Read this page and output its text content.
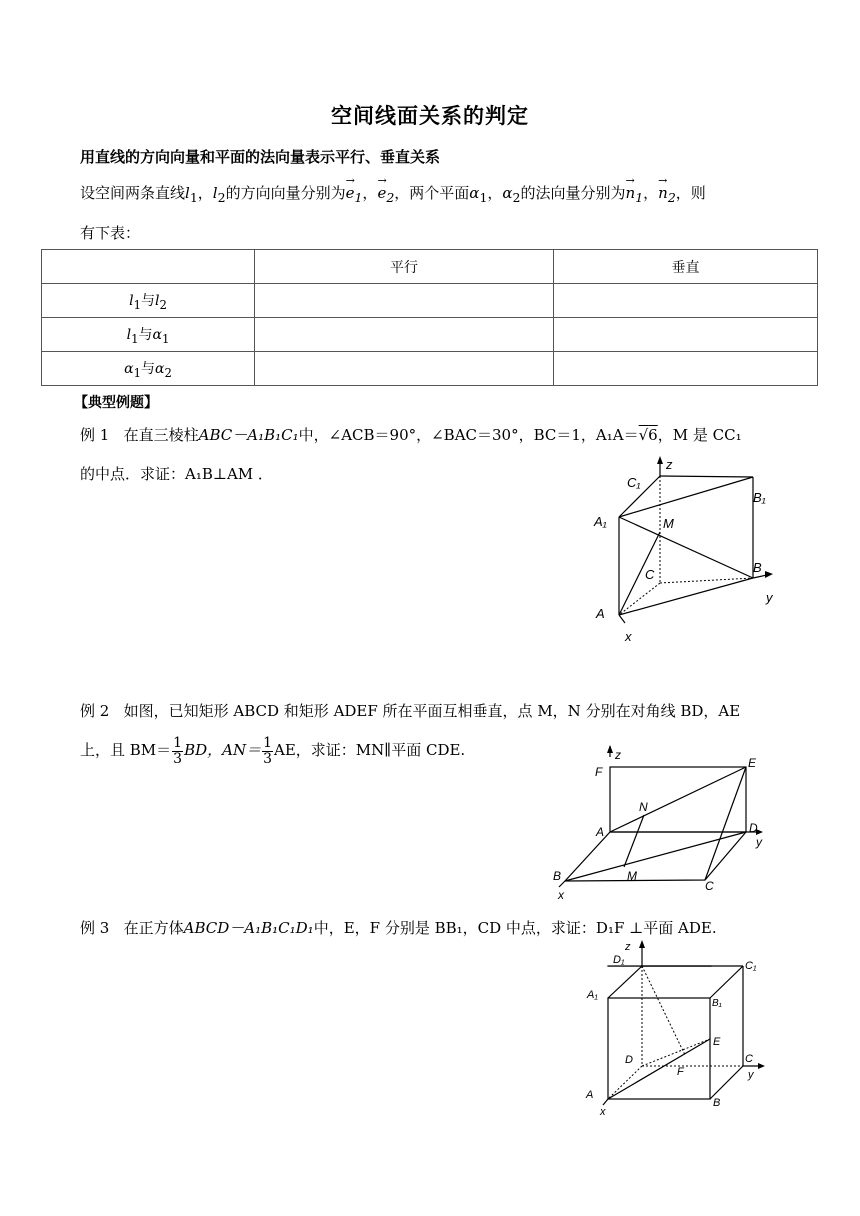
空间线面关系的判定
用直线的方向向量和平面的法向量表示平行、垂直关系
设空间两条直线$l_1$，$l_2$的方向向量分别为→ $e_1$，→ $e_2$，两个平面$\alpha_1$，$\alpha_2$的法向量分别为→ $n_1$，→ $n_2$，则
有下表：
	平行	垂直
$l_1$与$l_2$		
$l_1$与$\alpha_1$		
$\alpha_1$与$\alpha_2$		
【典型例题】
例 1 在直三棱柱ABC－A₁B₁C₁中，∠ACB＝90°，∠BAC＝30°，BC＝1，A₁A＝√6，M 是 CC₁
的中点．求证：A₁B⊥AM ．
z
C₁
B₁
A₁	M
C	B
y
A
x
例 2 如图，已知矩形 ABCD 和矩形 ADEF 所在平面互相垂直，点 M，N 分别在对角线 BD，AE
上，且 $BM= \frac{1}{3}$ BD，$AN= \frac{1}{3}$ AE，求证：MN∥平面 CDE.	z
F
E
N
A	D
y
B	M
C
x
例 3 在正方体ABCD－A₁B₁C₁D₁中，E，F 分别是 BB₁，CD 中点，求证：D₁F ⊥平面 ADE.
z
D₁	C₁
A₁
B₁
E
D	C
F	y
A
B
x
